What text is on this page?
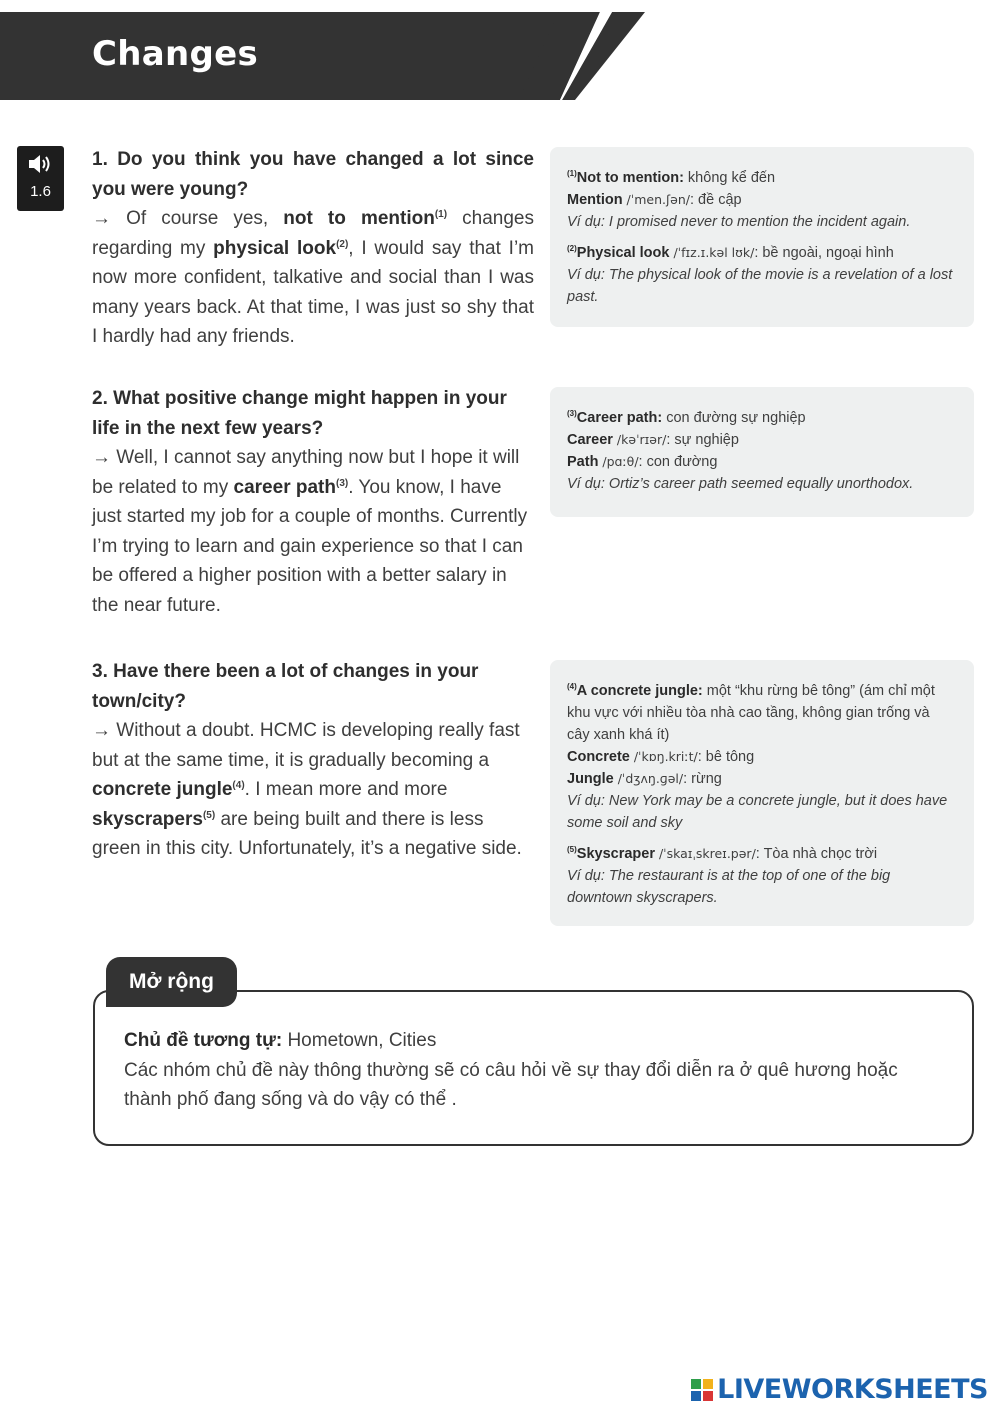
Changes
1.6
1. Do you think you have changed a lot since you were young?
→ Of course yes, not to mention$^{(1)}$ changes regarding my physical look$^{(2)}$, I would say that I’m now more confident, talkative and social than I was many years back. At that time, I was just so shy that I hardly had any friends.
$^{(1)}$Not to mention: không kể đến
Mention /ˈmen.ʃən/: đề cập
Ví dụ: I promised never to mention the incident again.
$^{(2)}$Physical look /ˈfɪz.ɪ.kəl lʊk/: bề ngoài, ngoại hình
Ví dụ: The physical look of the movie is a revelation of a lost past.
2. What positive change might happen in your life in the next few years?
→ Well, I cannot say anything now but I hope it will be related to my career path$^{(3)}$. You know, I have just started my job for a couple of months. Currently I’m trying to learn and gain experience so that I can be offered a higher position with a better salary in the near future.
$^{(3)}$Career path: con đường sự nghiệp
Career /kəˈrɪər/: sự nghiệp
Path /pɑːθ/: con đường
Ví dụ: Ortiz’s career path seemed equally unorthodox.
3. Have there been a lot of changes in your town/city?
→ Without a doubt. HCMC is developing really fast but at the same time, it is gradually becoming a concrete jungle$^{(4)}$. I mean more and more skyscrapers$^{(5)}$ are being built and there is less green in this city. Unfortunately, it’s a negative side.
$^{(4)}$A concrete jungle: một “khu rừng bê tông” (ám chỉ một khu vực với nhiều tòa nhà cao tầng, không gian trống và cây xanh khá ít)
Concrete /ˈkɒŋ.kriːt/: bê tông
Jungle /ˈdʒʌŋ.ɡəl/: rừng
Ví dụ: New York may be a concrete jungle, but it does have some soil and sky
$^{(5)}$Skyscraper /ˈskaɪˌskreɪ.pər/: Tòa nhà chọc trời
Ví dụ: The restaurant is at the top of one of the big downtown skyscrapers.
Chủ đề tương tự: Hometown, Cities
Các nhóm chủ đề này thông thường sẽ có câu hỏi về sự thay đổi diễn ra ở quê hương hoặc thành phố đang sống và do vậy có thể .
Mở rộng
LIVEWORKSHEETS
